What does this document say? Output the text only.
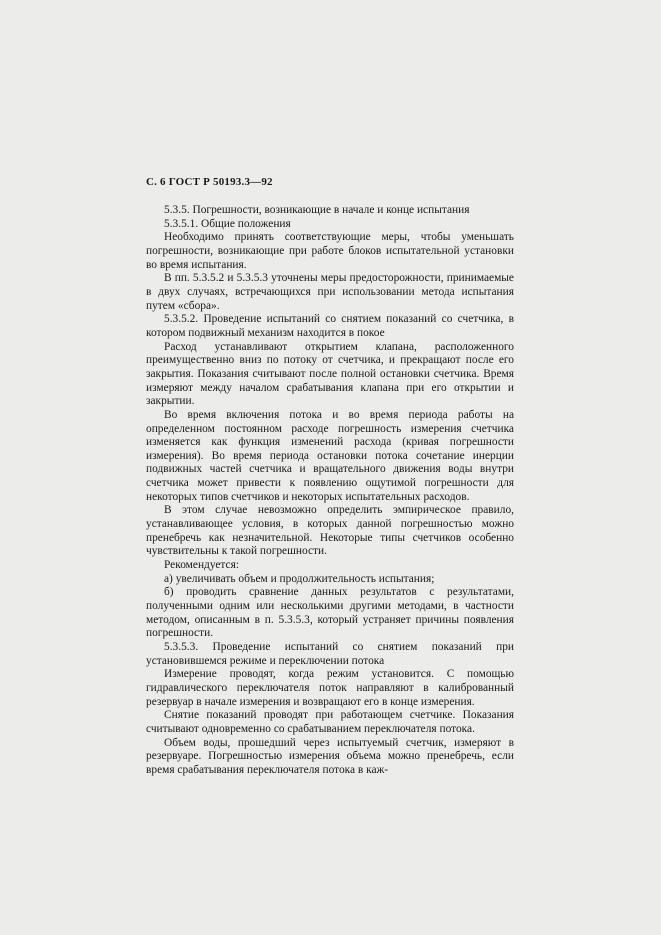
С. 6 ГОСТ Р 50193.3—92

5.3.5. Погрешности, возникающие в начале и конце испытания

5.3.5.1. Общие положения

Необходимо принять соответствующие меры, чтобы уменьшать погрешности, возникающие при работе блоков испытательной установки во время испытания.

В пп. 5.3.5.2 и 5.3.5.3 уточнены меры предосторожности, принимаемые в двух случаях, встречающихся при использовании метода испытания путем «сбора».

5.3.5.2. Проведение испытаний со снятием показаний со счетчика, в котором подвижный механизм находится в покое

Расход устанавливают открытием клапана, расположенного преимущественно вниз по потоку от счетчика, и прекращают после его закрытия. Показания считывают после полной остановки счетчика. Время измеряют между началом срабатывания клапана при его открытии и закрытии.

Во время включения потока и во время периода работы на определенном постоянном расходе погрешность измерения счетчика изменяется как функция изменений расхода (кривая погрешности измерения). Во время периода остановки потока сочетание инерции подвижных частей счетчика и вращательного движения воды внутри счетчика может привести к появлению ощутимой погрешности для некоторых типов счетчиков и некоторых испытательных расходов.

В этом случае невозможно определить эмпирическое правило, устанавливающее условия, в которых данной погрешностью можно пренебречь как незначительной. Некоторые типы счетчиков особенно чувствительны к такой погрешности.

Рекомендуется:

а) увеличивать объем и продолжительность испытания;

б) проводить сравнение данных результатов с результатами, полученными одним или несколькими другими методами, в частности методом, описанным в п. 5.3.5.3, который устраняет причины появления погрешности.

5.3.5.3. Проведение испытаний со снятием показаний при установившемся режиме и переключении потока

Измерение проводят, когда режим установится. С помощью гидравлического переключателя поток направляют в калиброванный резервуар в начале измерения и возвращают его в конце измерения.

Снятие показаний проводят при работающем счетчике. Показания считывают одновременно со срабатыванием переключателя потока.

Объем воды, прошедший через испытуемый счетчик, измеряют в резервуаре. Погрешностью измерения объема можно пренебречь, если время срабатывания переключателя потока в каж-
